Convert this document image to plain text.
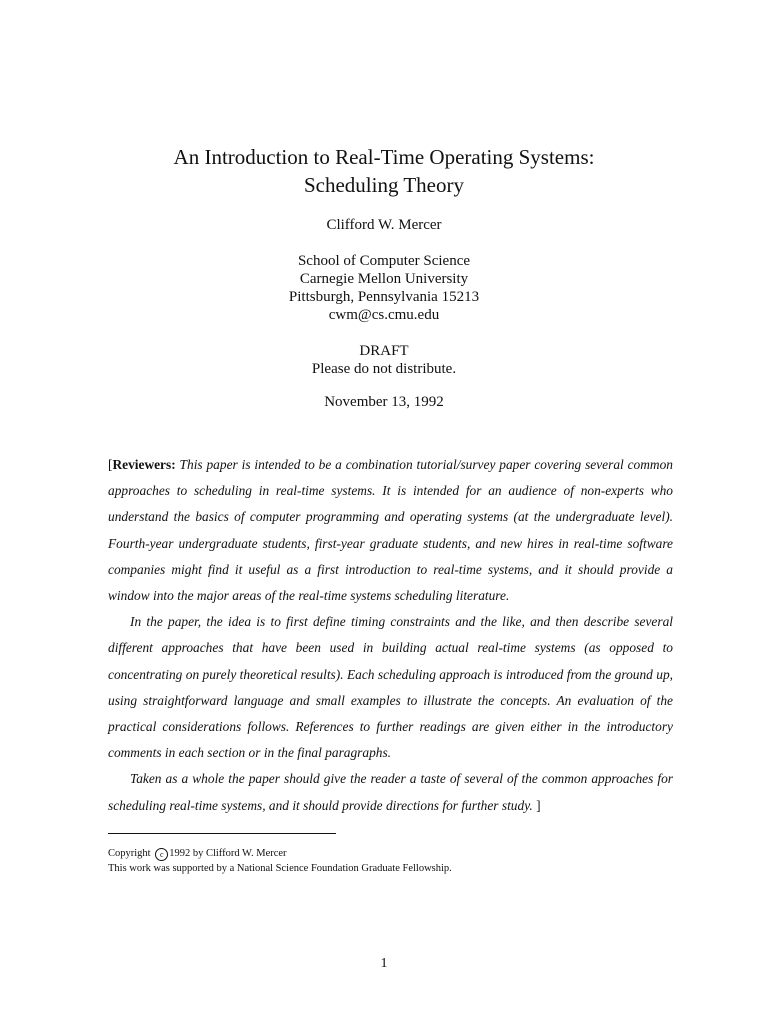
An Introduction to Real-Time Operating Systems:
Scheduling Theory
Clifford W. Mercer
School of Computer Science
Carnegie Mellon University
Pittsburgh, Pennsylvania 15213
cwm@cs.cmu.edu
DRAFT
Please do not distribute.
November 13, 1992

[Reviewers: This paper is intended to be a combination tutorial/survey paper covering several common approaches to scheduling in real-time systems. It is intended for an audience of non-experts who understand the basics of computer programming and operating systems (at the undergraduate level). Fourth-year undergraduate students, first-year graduate students, and new hires in real-time software companies might find it useful as a first introduction to real-time systems, and it should provide a window into the major areas of the real-time systems scheduling literature.

In the paper, the idea is to first define timing constraints and the like, and then describe several different approaches that have been used in building actual real-time systems (as opposed to concentrating on purely theoretical results). Each scheduling approach is introduced from the ground up, using straightforward language and small examples to illustrate the concepts. An evaluation of the practical considerations follows. References to further readings are given either in the introductory comments in each section or in the final paragraphs.

Taken as a whole the paper should give the reader a taste of several of the common approaches for scheduling real-time systems, and it should provide directions for further study. ]

Copyright c 1992 by Clifford W. Mercer
This work was supported by a National Science Foundation Graduate Fellowship.
1
